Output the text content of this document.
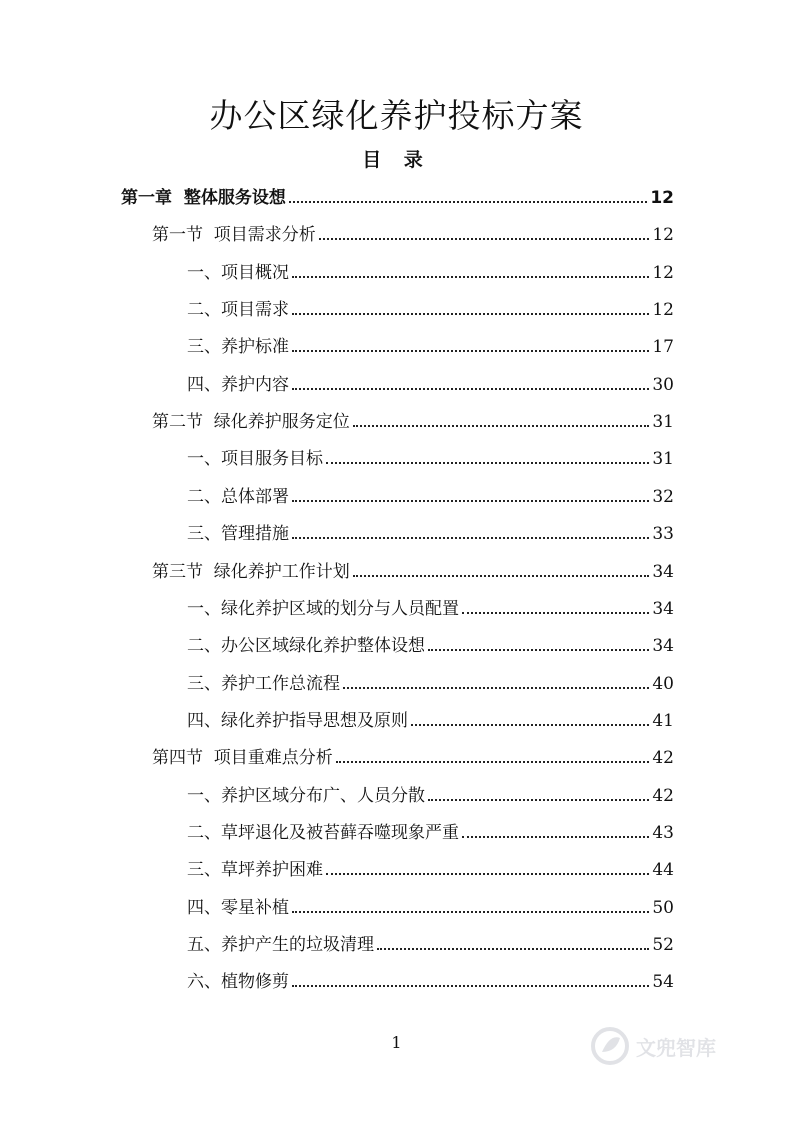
办公区绿化养护投标方案
目 录
第一章  整体服务设想	12
第一节  项目需求分析	12
一、项目概况	12
二、项目需求	12
三、养护标准	17
四、养护内容	30
第二节  绿化养护服务定位	31
一、项目服务目标	31
二、总体部署	32
三、管理措施	33
第三节  绿化养护工作计划	34
一、绿化养护区域的划分与人员配置	34
二、办公区域绿化养护整体设想	34
三、养护工作总流程	40
四、绿化养护指导思想及原则	41
第四节  项目重难点分析	42
一、养护区域分布广、人员分散	42
二、草坪退化及被苔藓吞噬现象严重	43
三、草坪养护困难	44
四、零星补植	50
五、养护产生的垃圾清理	52
六、植物修剪	54
1	文兜智库
